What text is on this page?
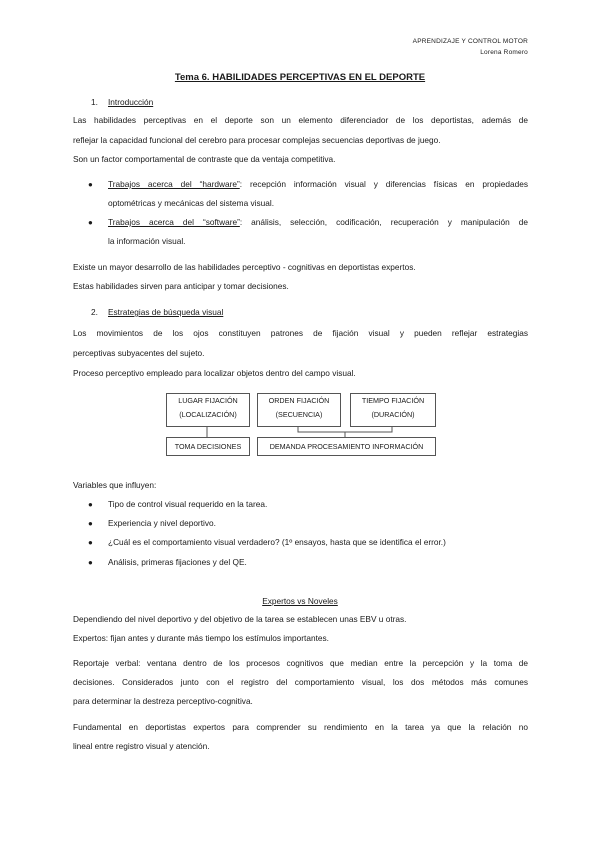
APRENDIZAJE Y CONTROL MOTOR
Lorena Romero
Tema 6. HABILIDADES PERCEPTIVAS EN EL DEPORTE
1. Introducción
Las habilidades perceptivas en el deporte son un elemento diferenciador de los deportistas, además de
reflejar la capacidad funcional del cerebro para procesar complejas secuencias deportivas de juego.
Son un factor comportamental de contraste que da ventaja competitiva.
● Trabajos acerca del “hardware”: recepción información visual y diferencias físicas en propiedades
optométricas y mecánicas del sistema visual.
● Trabajos acerca del “software”: análisis, selección, codificación, recuperación y manipulación de
la información visual.
Existe un mayor desarrollo de las habilidades perceptivo - cognitivas en deportistas expertos.
Estas habilidades sirven para anticipar y tomar decisiones.
2. Estrategias de búsqueda visual
Los movimientos de los ojos constituyen patrones de fijación visual y pueden reflejar estrategias
perceptivas subyacentes del sujeto.
Proceso perceptivo empleado para localizar objetos dentro del campo visual.
LUGAR FIJACIÓN
(LOCALIZACIÓN)
ORDEN FIJACIÓN
(SECUENCIA)
TIEMPO FIJACIÓN
(DURACIÓN)
TOMA DECISIONES	DEMANDA PROCESAMIENTO INFORMACIÓN
Variables que influyen:
● Tipo de control visual requerido en la tarea.
● Experiencia y nivel deportivo.
● ¿Cuál es el comportamiento visual verdadero? (1º ensayos, hasta que se identifica el error.)
● Análisis, primeras fijaciones y del QE.
Expertos vs Noveles
Dependiendo del nivel deportivo y del objetivo de la tarea se establecen unas EBV u otras.
Expertos: fijan antes y durante más tiempo los estímulos importantes.
Reportaje verbal: ventana dentro de los procesos cognitivos que median entre la percepción y la toma de
decisiones. Considerados junto con el registro del comportamiento visual, los dos métodos más comunes
para determinar la destreza perceptivo-cognitiva.
Fundamental en deportistas expertos para comprender su rendimiento en la tarea ya que la relación no
lineal entre registro visual y atención.
